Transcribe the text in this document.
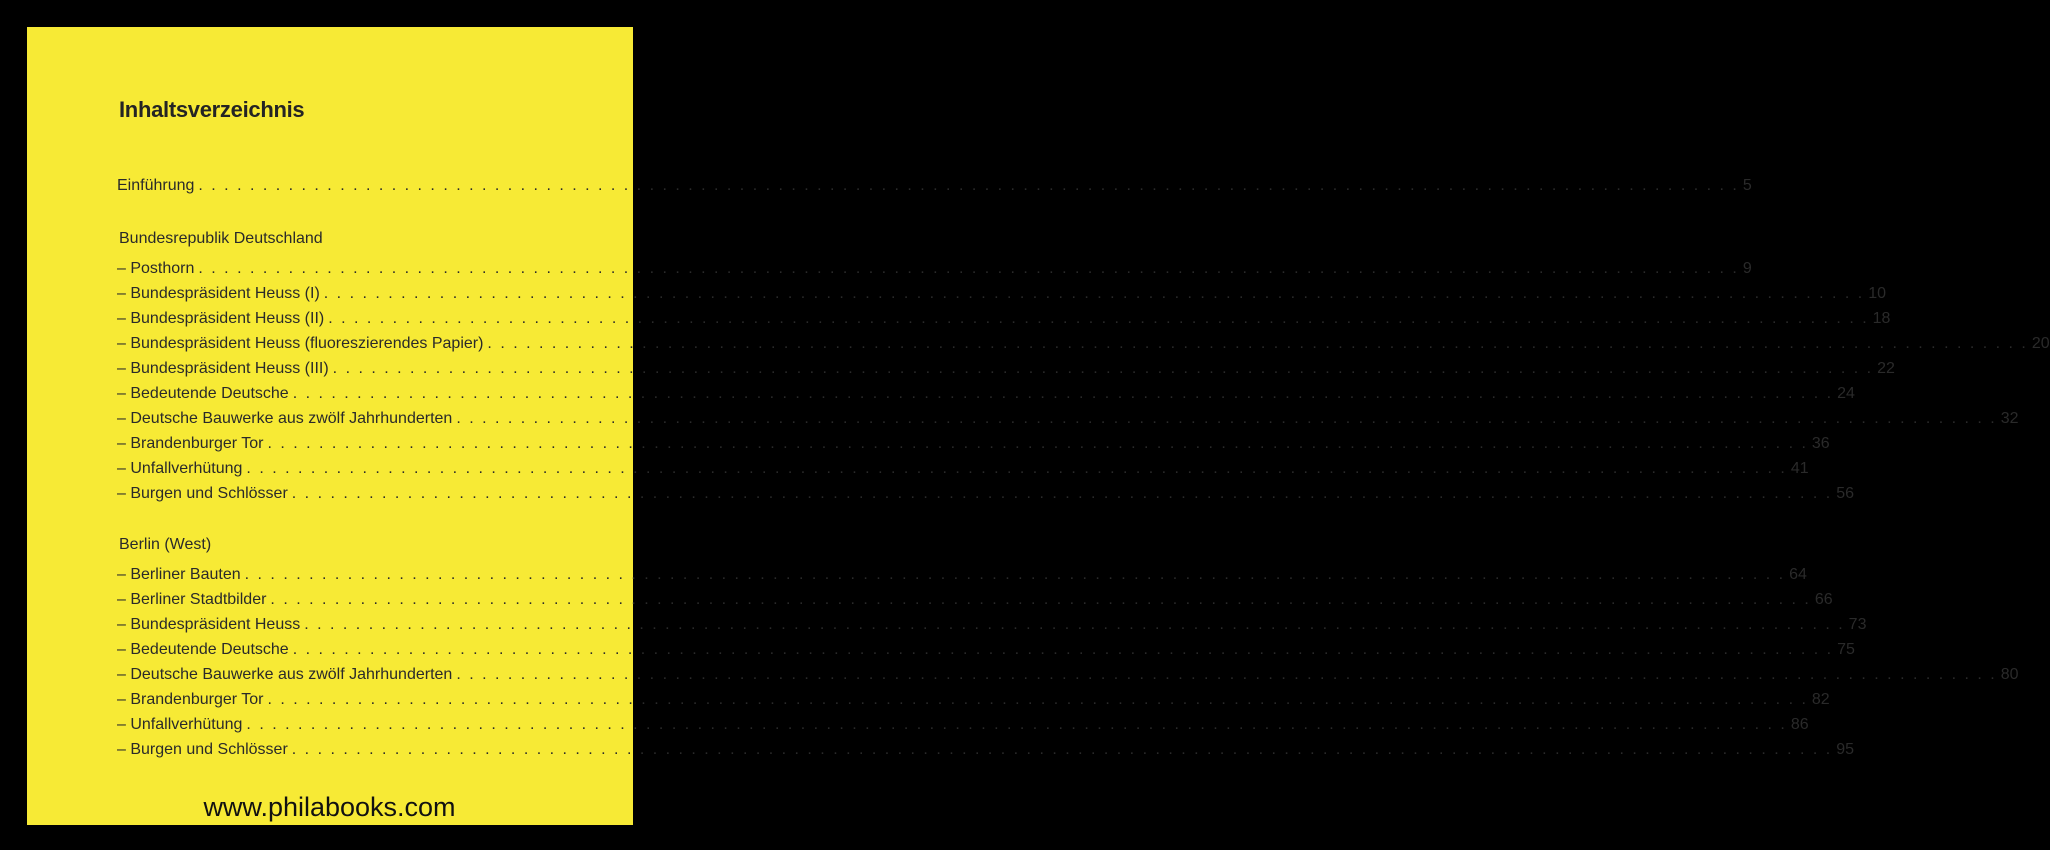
Inhaltsverzeichnis
Einführung . . . . . . . . . . . . . . . . . . . . . . . . . . . . . . . . . . . . . . . . . . . . . . . . . . . . . . . . . . . . . . . . . . . . . . . . . . . . . . . . . . . . . . . . . . . . . . . . . . . . . . . . . . . . . . . . . . . . . . . . 5
Bundesrepublik Deutschland
– Posthorn . . . . . . . . . . . . . . . . . . . . . . . . . . . . . . . . . . . . . . . . . . . . . . . . . . . . . . . . . . . . . . . . . . . . . . . . . . . . . . . . . . . . . . . . . . . . . . . . . . . . . . . . . . . . . . . . . . . . . . . . 9
– Bundespräsident Heuss (I) . . . . . . . . . . . . . . . . . . . . . . . . . . . . . . . . . . . . . . . . . . . . . . . . . . . . . . . . . . . . . . . . . . . . . . . . . . . . . . . . . . . . . . . . . . . . . . . . . . . . . . . . . . . . . . . . . . . . . . . . 10
– Bundespräsident Heuss (II) . . . . . . . . . . . . . . . . . . . . . . . . . . . . . . . . . . . . . . . . . . . . . . . . . . . . . . . . . . . . . . . . . . . . . . . . . . . . . . . . . . . . . . . . . . . . . . . . . . . . . . . . . . . . . . . . . . . . . . . . 18
– Bundespräsident Heuss (fluoreszierendes Papier) . . . . . . . . . . . . . . . . . . . . . . . . . . . . . . . . . . . . . . . . . . . . . . . . . . . . . . . . . . . . . . . . . . . . . . . . . . . . . . . . . . . . . . . . . . . . . . . . . . . . . . . . . . . . . . . . . . . . . . . . 20
– Bundespräsident Heuss (III) . . . . . . . . . . . . . . . . . . . . . . . . . . . . . . . . . . . . . . . . . . . . . . . . . . . . . . . . . . . . . . . . . . . . . . . . . . . . . . . . . . . . . . . . . . . . . . . . . . . . . . . . . . . . . . . . . . . . . . . . 22
– Bedeutende Deutsche . . . . . . . . . . . . . . . . . . . . . . . . . . . . . . . . . . . . . . . . . . . . . . . . . . . . . . . . . . . . . . . . . . . . . . . . . . . . . . . . . . . . . . . . . . . . . . . . . . . . . . . . . . . . . . . . . . . . . . . . 24
– Deutsche Bauwerke aus zwölf Jahrhunderten . . . . . . . . . . . . . . . . . . . . . . . . . . . . . . . . . . . . . . . . . . . . . . . . . . . . . . . . . . . . . . . . . . . . . . . . . . . . . . . . . . . . . . . . . . . . . . . . . . . . . . . . . . . . . . . . . . . . . . . . 32
– Brandenburger Tor . . . . . . . . . . . . . . . . . . . . . . . . . . . . . . . . . . . . . . . . . . . . . . . . . . . . . . . . . . . . . . . . . . . . . . . . . . . . . . . . . . . . . . . . . . . . . . . . . . . . . . . . . . . . . . . . . . . . . . . . 36
– Unfallverhütung . . . . . . . . . . . . . . . . . . . . . . . . . . . . . . . . . . . . . . . . . . . . . . . . . . . . . . . . . . . . . . . . . . . . . . . . . . . . . . . . . . . . . . . . . . . . . . . . . . . . . . . . . . . . . . . . . . . . . . . . 41
– Burgen und Schlösser . . . . . . . . . . . . . . . . . . . . . . . . . . . . . . . . . . . . . . . . . . . . . . . . . . . . . . . . . . . . . . . . . . . . . . . . . . . . . . . . . . . . . . . . . . . . . . . . . . . . . . . . . . . . . . . . . . . . . . . . 56
Berlin (West)
– Berliner Bauten . . . . . . . . . . . . . . . . . . . . . . . . . . . . . . . . . . . . . . . . . . . . . . . . . . . . . . . . . . . . . . . . . . . . . . . . . . . . . . . . . . . . . . . . . . . . . . . . . . . . . . . . . . . . . . . . . . . . . . . . 64
– Berliner Stadtbilder . . . . . . . . . . . . . . . . . . . . . . . . . . . . . . . . . . . . . . . . . . . . . . . . . . . . . . . . . . . . . . . . . . . . . . . . . . . . . . . . . . . . . . . . . . . . . . . . . . . . . . . . . . . . . . . . . . . . . . . . 66
– Bundespräsident Heuss . . . . . . . . . . . . . . . . . . . . . . . . . . . . . . . . . . . . . . . . . . . . . . . . . . . . . . . . . . . . . . . . . . . . . . . . . . . . . . . . . . . . . . . . . . . . . . . . . . . . . . . . . . . . . . . . . . . . . . . . 73
– Bedeutende Deutsche . . . . . . . . . . . . . . . . . . . . . . . . . . . . . . . . . . . . . . . . . . . . . . . . . . . . . . . . . . . . . . . . . . . . . . . . . . . . . . . . . . . . . . . . . . . . . . . . . . . . . . . . . . . . . . . . . . . . . . . . 75
– Deutsche Bauwerke aus zwölf Jahrhunderten . . . . . . . . . . . . . . . . . . . . . . . . . . . . . . . . . . . . . . . . . . . . . . . . . . . . . . . . . . . . . . . . . . . . . . . . . . . . . . . . . . . . . . . . . . . . . . . . . . . . . . . . . . . . . . . . . . . . . . . . 80
– Brandenburger Tor . . . . . . . . . . . . . . . . . . . . . . . . . . . . . . . . . . . . . . . . . . . . . . . . . . . . . . . . . . . . . . . . . . . . . . . . . . . . . . . . . . . . . . . . . . . . . . . . . . . . . . . . . . . . . . . . . . . . . . . . 82
– Unfallverhütung . . . . . . . . . . . . . . . . . . . . . . . . . . . . . . . . . . . . . . . . . . . . . . . . . . . . . . . . . . . . . . . . . . . . . . . . . . . . . . . . . . . . . . . . . . . . . . . . . . . . . . . . . . . . . . . . . . . . . . . . 86
– Burgen und Schlösser . . . . . . . . . . . . . . . . . . . . . . . . . . . . . . . . . . . . . . . . . . . . . . . . . . . . . . . . . . . . . . . . . . . . . . . . . . . . . . . . . . . . . . . . . . . . . . . . . . . . . . . . . . . . . . . . . . . . . . . . 95
www.philabooks.com
